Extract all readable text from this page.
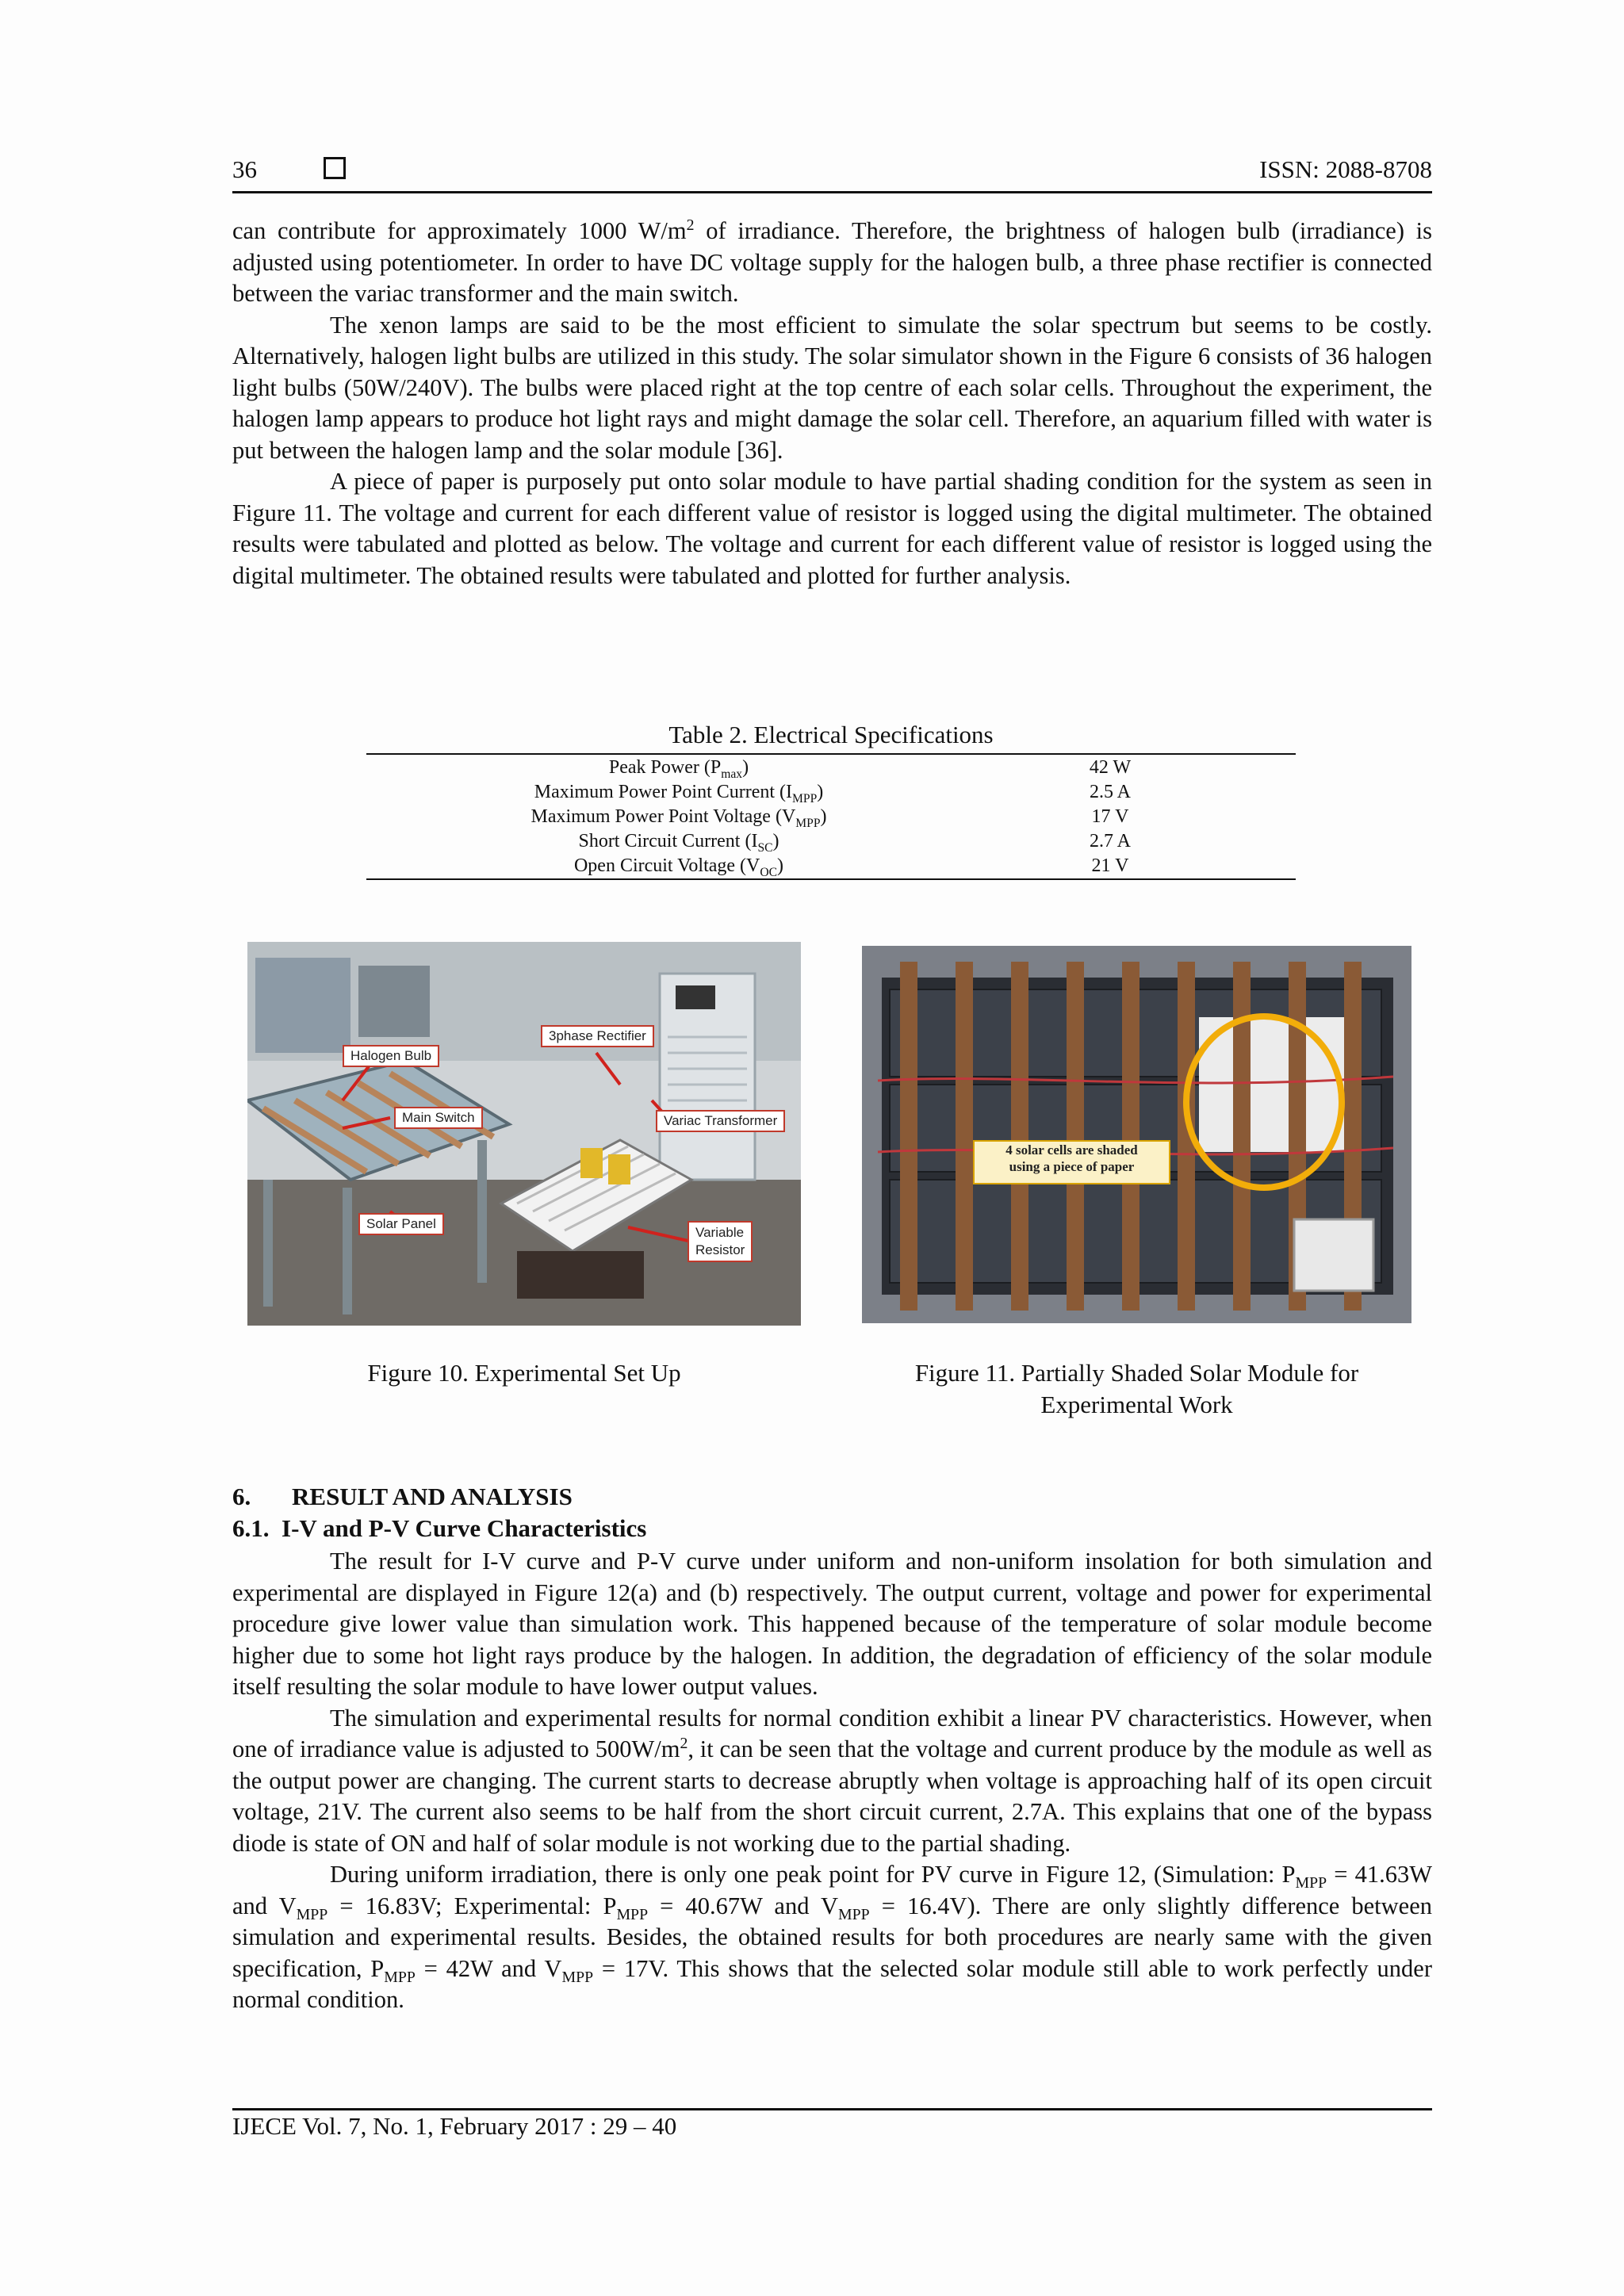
36	ISSN: 2088-8708

can contribute for approximately 1000 $W/m^2$ of irradiance. Therefore, the brightness of halogen bulb (irradiance) is adjusted using potentiometer. In order to have DC voltage supply for the halogen bulb, a three phase rectifier is connected between the variac transformer and the main switch.

The xenon lamps are said to be the most efficient to simulate the solar spectrum but seems to be costly. Alternatively, halogen light bulbs are utilized in this study. The solar simulator shown in the Figure 6 consists of 36 halogen light bulbs (50W/240V). The bulbs were placed right at the top centre of each solar cells. Throughout the experiment, the halogen lamp appears to produce hot light rays and might damage the solar cell. Therefore, an aquarium filled with water is put between the halogen lamp and the solar module [36].

A piece of paper is purposely put onto solar module to have partial shading condition for the system as seen in Figure 11. The voltage and current for each different value of resistor is logged using the digital multimeter. The obtained results were tabulated and plotted as below. The voltage and current for each different value of resistor is logged using the digital multimeter. The obtained results were tabulated and plotted for further analysis.

Table 2. Electrical Specifications
Peak Power $(P_{max})$	42 W
Maximum Power Point Current $(I_{MPP})$	2.5 A
Maximum Power Point Voltage $(V_{MPP})$	17 V
Short Circuit Current $(I_{SC})$	2.7 A
Open Circuit Voltage $(V_{OC})$	21 V
Halogen Bulb
3phase Rectifier
Main Switch	Variac Transformer
Solar Panel
Variable
Resistor
4 solar cells are shaded
using a piece of paper
Figure 10. Experimental Set Up	Figure 11. Partially Shaded Solar Module for
Experimental Work
6. RESULT AND ANALYSIS
6.1. I-V and P-V Curve Characteristics

The result for I-V curve and P-V curve under uniform and non-uniform insolation for both simulation and experimental are displayed in Figure 12(a) and (b) respectively. The output current, voltage and power for experimental procedure give lower value than simulation work. This happened because of the temperature of solar module become higher due to some hot light rays produce by the halogen. In addition, the degradation of efficiency of the solar module itself resulting the solar module to have lower output values.

The simulation and experimental results for normal condition exhibit a linear PV characteristics. However, when one of irradiance value is adjusted to $500W/m^2$, it can be seen that the voltage and current produce by the module as well as the output power are changing. The current starts to decrease abruptly when voltage is approaching half of its open circuit voltage, 21V. The current also seems to be half from the short circuit current, 2.7A. This explains that one of the bypass diode is state of ON and half of solar module is not working due to the partial shading.

During uniform irradiation, there is only one peak point for PV curve in Figure 12, (Simulation: $P_{MPP} = 41.63W$ and $V_{MPP} = 16.83V$; Experimental: $P_{MPP} = 40.67W$ and $V_{MPP} = 16.4V$). There are only slightly difference between simulation and experimental results. Besides, the obtained results for both procedures are nearly same with the given specification, $P_{MPP} = 42W$ and $V_{MPP} = 17V$. This shows that the selected solar module still able to work perfectly under normal condition.

IJECE Vol. 7, No. 1, February 2017 : 29 – 40
